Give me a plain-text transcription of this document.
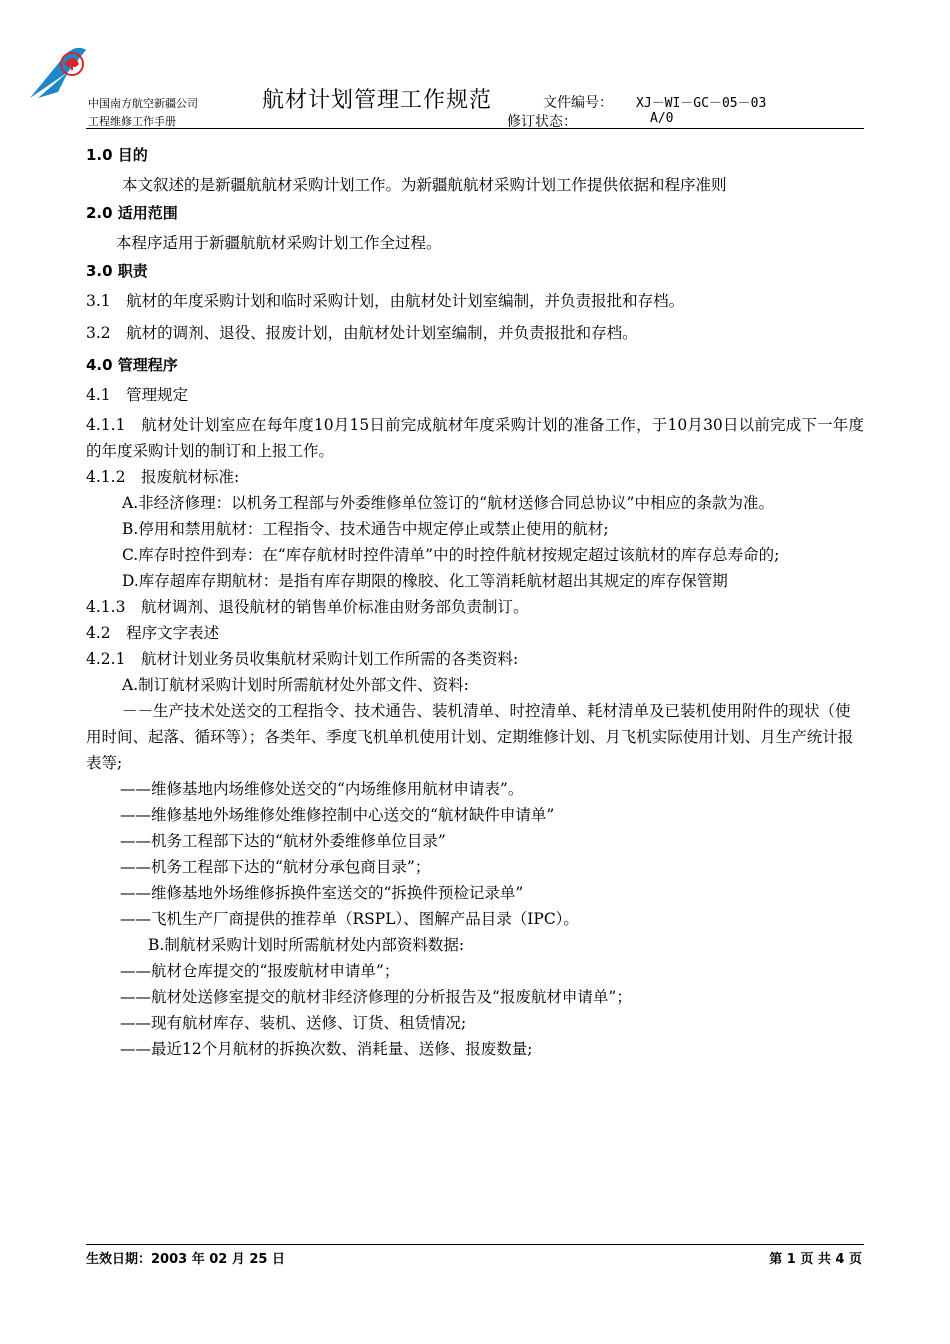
中国南方航空新疆公司
工程维修工作手册
航材计划管理工作规范	文件编号： XJ－WI－GC－05－03
修订状态：	A/0

1.0 目的

本文叙述的是新疆航航材采购计划工作。为新疆航航材采购计划工作提供依据和程序准则

2.0 适用范围

本程序适用于新疆航航材采购计划工作全过程。

3.0 职责

3.1　航材的年度采购计划和临时采购计划，由航材处计划室编制，并负责报批和存档。

3.2　航材的调剂、退役、报废计划，由航材处计划室编制，并负责报批和存档。

4.0 管理程序

4.1　管理规定

4.1.1　航材处计划室应在每年度10月15日前完成航材年度采购计划的准备工作，于10月30日以前完成下一年度的年度采购计划的制订和上报工作。

4.1.2　报废航材标准:

A.非经济修理：以机务工程部与外委维修单位签订的“航材送修合同总协议”中相应的条款为准。

B.停用和禁用航材：工程指令、技术通告中规定停止或禁止使用的航材;

C.库存时控件到寿：在“库存航材时控件清单”中的时控件航材按规定超过该航材的库存总寿命的;

D.库存超库存期航材：是指有库存期限的橡胶、化工等消耗航材超出其规定的库存保管期

4.1.3　航材调剂、退役航材的销售单价标准由财务部负责制订。

4.2　程序文字表述

4.2.1　航材计划业务员收集航材采购计划工作所需的各类资料:

A.制订航材采购计划时所需航材处外部文件、资料:

－－生产技术处送交的工程指令、技术通告、装机清单、时控清单、耗材清单及已装机使用附件的现状（使用时间、起落、循环等）；各类年、季度飞机单机使用计划、定期维修计划、月飞机实际使用计划、月生产统计报表等;

——维修基地内场维修处送交的“内场维修用航材申请表”。

——维修基地外场维修处维修控制中心送交的“航材缺件申请单”

——机务工程部下达的“航材外委维修单位目录”

——机务工程部下达的“航材分承包商目录”；

——维修基地外场维修拆换件室送交的“拆换件预检记录单”

——飞机生产厂商提供的推荐单（RSPL）、图解产品目录（IPC）。

B.制航材采购计划时所需航材处内部资料数据:

——航材仓库提交的“报废航材申请单”；

——航材处送修室提交的航材非经济修理的分析报告及“报废航材申请单”；

——现有航材库存、装机、送修、订货、租赁情况;

——最近12个月航材的拆换次数、消耗量、送修、报废数量;

生效日期：2003 年 02 月 25 日	第 1 页 共 4 页
